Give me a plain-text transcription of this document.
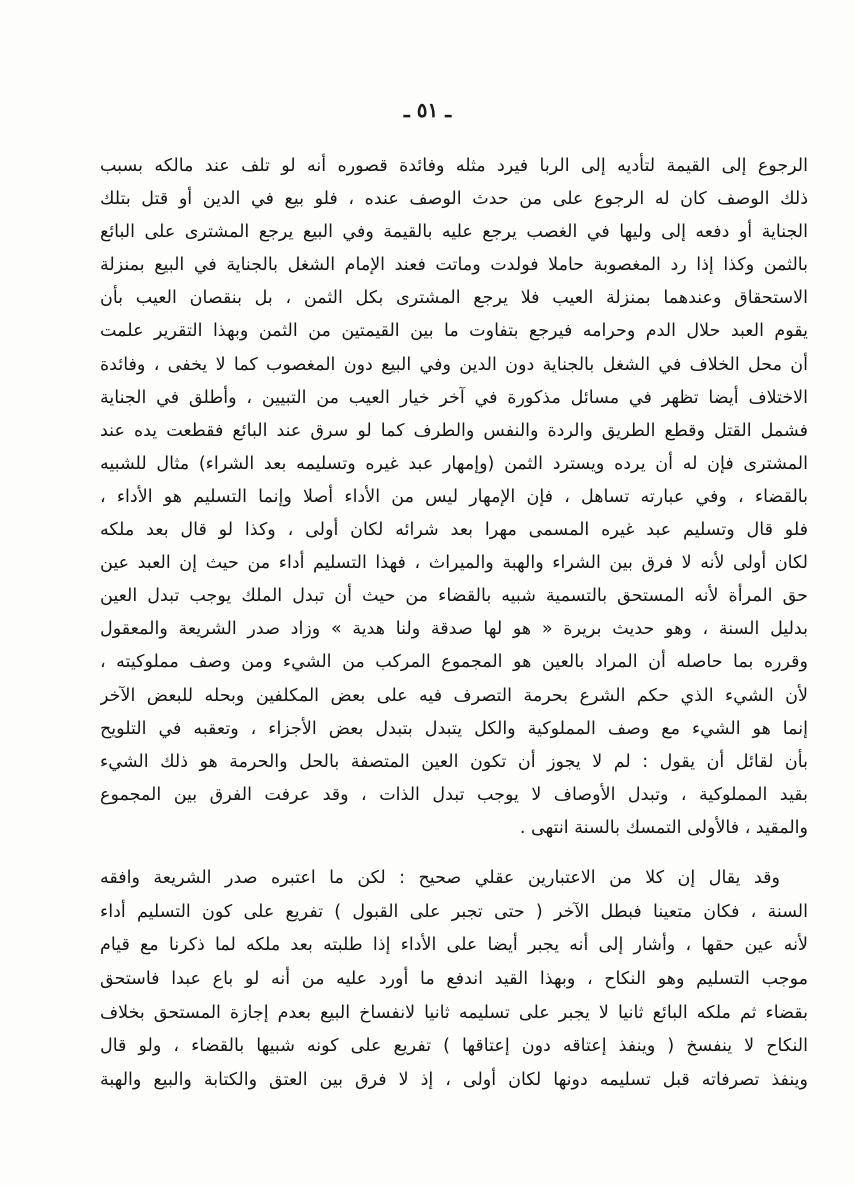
ـ ٥١ ـ
الرجوع إلى القيمة لتأديه إلى الربا فيرد مثله وفائدة قصوره أنه لو تلف عند مالكه بسبب
ذلك الوصف كان له الرجوع على من حدث الوصف عنده ، فلو بيع في الدين أو قتل بتلك
الجناية أو دفعه إلى وليها في الغصب يرجع عليه بالقيمة وفي البيع يرجع المشترى على البائع
بالثمن وكذا إذا رد المغصوبة حاملا فولدت وماتت فعند الإمام الشغل بالجناية في البيع بمنزلة
الاستحقاق وعندهما بمنزلة العيب فلا يرجع المشترى بكل الثمن ، بل بنقصان العيب بأن
يقوم العبد حلال الدم وحرامه فيرجع بتفاوت ما بين القيمتين من الثمن وبهذا التقرير علمت
أن محل الخلاف في الشغل بالجناية دون الدين وفي البيع دون المغصوب كما لا يخفى ، وفائدة
الاختلاف أيضا تظهر في مسائل مذكورة في آخر خيار العيب من التبيين ، وأطلق في الجناية
فشمل القتل وقطع الطريق والردة والنفس والطرف كما لو سرق عند البائع فقطعت يده عند
المشترى فإن له أن يرده ويسترد الثمن (وإمهار عبد غيره وتسليمه بعد الشراء) مثال للشبيه
بالقضاء ، وفي عبارته تساهل ، فإن الإمهار ليس من الأداء أصلا وإنما التسليم هو الأداء ،
فلو قال وتسليم عبد غيره المسمى مهرا بعد شرائه لكان أولى ، وكذا لو قال بعد ملكه
لكان أولى لأنه لا فرق بين الشراء والهبة والميراث ، فهذا التسليم أداء من حيث إن العبد عين
حق المرأة لأنه المستحق بالتسمية شبيه بالقضاء من حيث أن تبدل الملك يوجب تبدل العين
بدليل السنة ، وهو حديث بريرة « هو لها صدقة ولنا هدية » وزاد صدر الشريعة والمعقول
وقرره بما حاصله أن المراد بالعين هو المجموع المركب من الشيء ومن وصف مملوكيته ،
لأن الشيء الذي حكم الشرع بحرمة التصرف فيه على بعض المكلفين وبحله للبعض الآخر
إنما هو الشيء مع وصف المملوكية والكل يتبدل بتبدل بعض الأجزاء ، وتعقبه في التلويح
بأن لقائل أن يقول : لم لا يجوز أن تكون العين المتصفة بالحل والحرمة هو ذلك الشيء
بقيد المملوكية ، وتبدل الأوصاف لا يوجب تبدل الذات ، وقد عرفت الفرق بين المجموع
والمقيد ، فالأولى التمسك بالسنة انتهى .
وقد يقال إن كلا من الاعتبارين عقلي صحيح : لكن ما اعتبره صدر الشريعة وافقه
السنة ، فكان متعينا فبطل الآخر ( حتى تجبر على القبول ) تفريع على كون التسليم أداء
لأنه عين حقها ، وأشار إلى أنه يجبر أيضا على الأداء إذا طلبته بعد ملكه لما ذكرنا مع قيام
موجب التسليم وهو النكاح ، وبهذا القيد اندفع ما أورد عليه من أنه لو باع عبدا فاستحق
بقضاء ثم ملكه البائع ثانيا لا يجبر على تسليمه ثانيا لانفساخ البيع بعدم إجازة المستحق بخلاف
النكاح لا ينفسخ ( وينفذ إعتاقه دون إعتاقها ) تفريع على كونه شبيها بالقضاء ، ولو قال
وينفذ تصرفاته قبل تسليمه دونها لكان أولى ، إذ لا فرق بين العتق والكتابة والبيع والهبة
